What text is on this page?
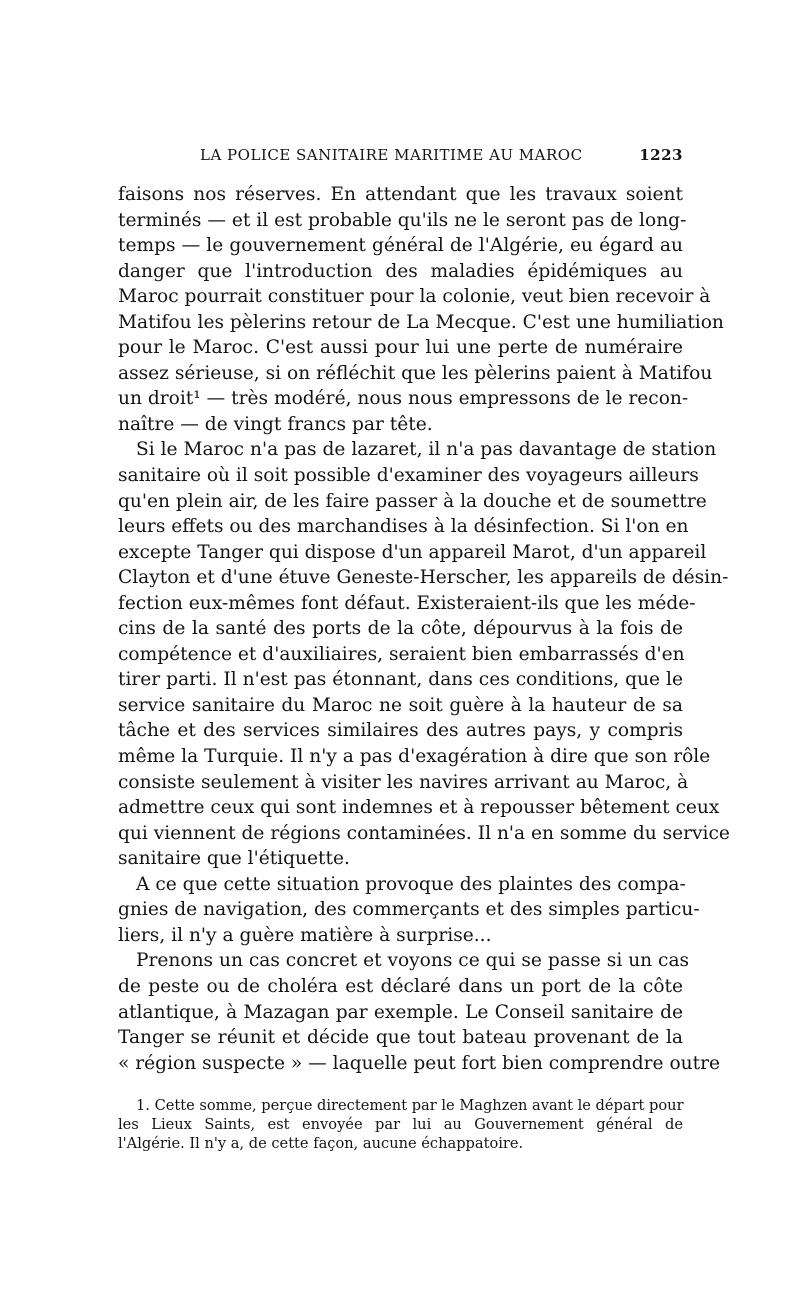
LA POLICE SANITAIRE MARITIME AU MAROC	1223
faisons nos réserves. En attendant que les travaux soient
terminés — et il est probable qu'ils ne le seront pas de long-
temps — le gouvernement général de l'Algérie, eu égard au
danger que l'introduction des maladies épidémiques au
Maroc pourrait constituer pour la colonie, veut bien recevoir à
Matifou les pèlerins retour de La Mecque. C'est une humiliation
pour le Maroc. C'est aussi pour lui une perte de numéraire
assez sérieuse, si on réfléchit que les pèlerins paient à Matifou
un droit¹ — très modéré, nous nous empressons de le recon-
naître — de vingt francs par tête.
Si le Maroc n'a pas de lazaret, il n'a pas davantage de station
sanitaire où il soit possible d'examiner des voyageurs ailleurs
qu'en plein air, de les faire passer à la douche et de soumettre
leurs effets ou des marchandises à la désinfection. Si l'on en
excepte Tanger qui dispose d'un appareil Marot, d'un appareil
Clayton et d'une étuve Geneste-Herscher, les appareils de désin-
fection eux-mêmes font défaut. Existeraient-ils que les méde-
cins de la santé des ports de la côte, dépourvus à la fois de
compétence et d'auxiliaires, seraient bien embarrassés d'en
tirer parti. Il n'est pas étonnant, dans ces conditions, que le
service sanitaire du Maroc ne soit guère à la hauteur de sa
tâche et des services similaires des autres pays, y compris
même la Turquie. Il n'y a pas d'exagération à dire que son rôle
consiste seulement à visiter les navires arrivant au Maroc, à
admettre ceux qui sont indemnes et à repousser bêtement ceux
qui viennent de régions contaminées. Il n'a en somme du service
sanitaire que l'étiquette.
A ce que cette situation provoque des plaintes des compa-
gnies de navigation, des commerçants et des simples particu-
liers, il n'y a guère matière à surprise...
Prenons un cas concret et voyons ce qui se passe si un cas
de peste ou de choléra est déclaré dans un port de la côte
atlantique, à Mazagan par exemple. Le Conseil sanitaire de
Tanger se réunit et décide que tout bateau provenant de la
« région suspecte » — laquelle peut fort bien comprendre outre
1. Cette somme, perçue directement par le Maghzen avant le départ pour
les Lieux Saints, est envoyée par lui au Gouvernement général de
l'Algérie. Il n'y a, de cette façon, aucune échappatoire.
